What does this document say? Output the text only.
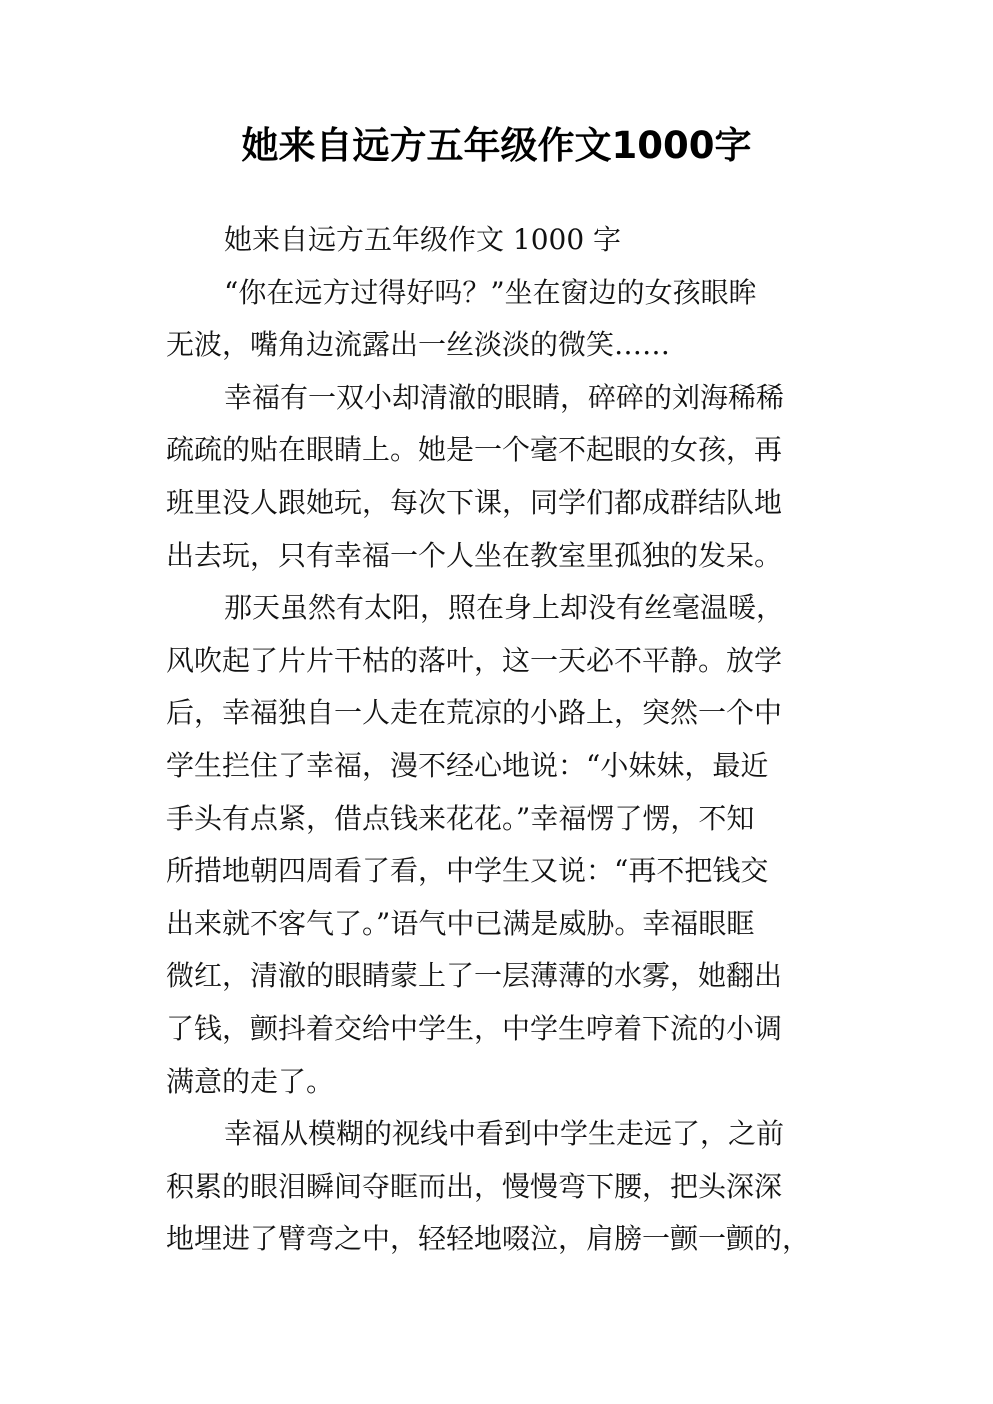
她来自远方五年级作文1000字
她来自远方五年级作文 1000 字
“你在远方过得好吗？”坐在窗边的女孩眼眸
无波，嘴角边流露出一丝淡淡的微笑……
幸福有一双小却清澈的眼睛，碎碎的刘海稀稀
疏疏的贴在眼睛上。她是一个毫不起眼的女孩，再
班里没人跟她玩，每次下课，同学们都成群结队地
出去玩，只有幸福一个人坐在教室里孤独的发呆。
那天虽然有太阳，照在身上却没有丝毫温暖，
风吹起了片片干枯的落叶，这一天必不平静。放学
后，幸福独自一人走在荒凉的小路上，突然一个中
学生拦住了幸福，漫不经心地说：“小妹妹，最近
手头有点紧，借点钱来花花。”幸福愣了愣，不知
所措地朝四周看了看，中学生又说：“再不把钱交
出来就不客气了。”语气中已满是威胁。幸福眼眶
微红，清澈的眼睛蒙上了一层薄薄的水雾，她翻出
了钱，颤抖着交给中学生，中学生哼着下流的小调
满意的走了。
幸福从模糊的视线中看到中学生走远了，之前
积累的眼泪瞬间夺眶而出，慢慢弯下腰，把头深深
地埋进了臂弯之中，轻轻地啜泣，肩膀一颤一颤的，
